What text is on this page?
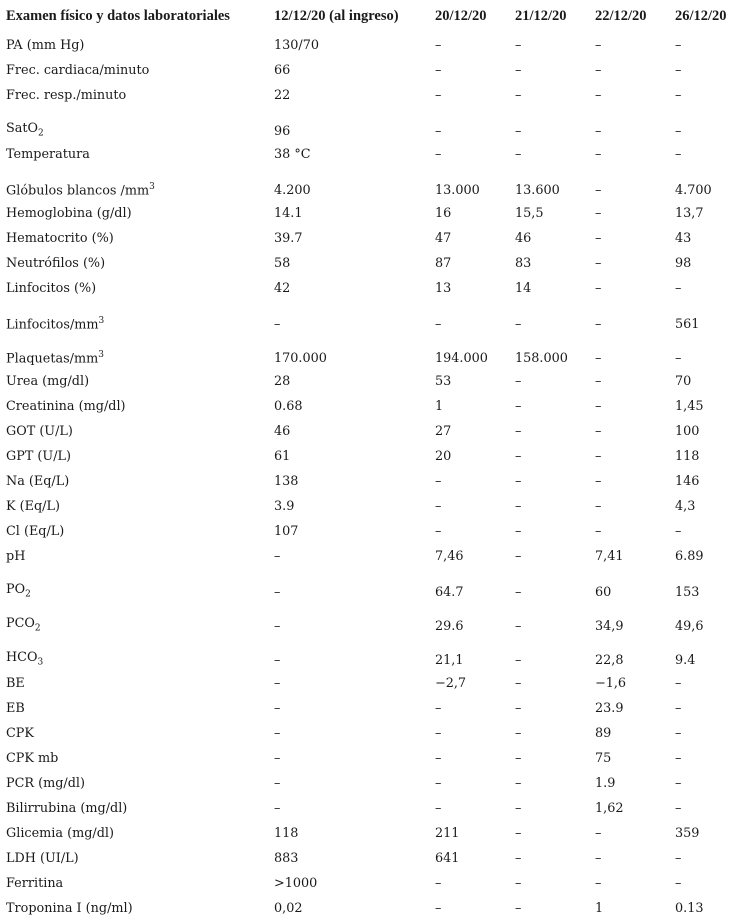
Examen físico y datos laboratoriales	12/12/20 (al ingreso)	20/12/20	21/12/20	22/12/20	26/12/20
PA (mm Hg)	130/70	–	–	–	–
Frec. cardiaca/minuto	66	–	–	–	–
Frec. resp./minuto	22	–	–	–	–
SatO$_2$	96	–	–	–	–
Temperatura	38 °C	–	–	–	–
Glóbulos blancos $/mm^3$	4.200	13.000	13.600	–	4.700
Hemoglobina (g/dl)	14.1	16	15,5	–	13,7
Hematocrito (%)	39.7	47	46	–	43
Neutrófilos (%)	58	87	83	–	98
Linfocitos (%)	42	13	14	–	–
Linfocitos/$mm^3$	–	–	–	–	561
Plaquetas/$mm^3$	170.000	194.000	158.000	–	–
Urea (mg/dl)	28	53	–	–	70
Creatinina (mg/dl)	0.68	1	–	–	1,45
GOT (U/L)	46	27	–	–	100
GPT (U/L)	61	20	–	–	118
Na (Eq/L)	138	–	–	–	146
K (Eq/L)	3.9	–	–	–	4,3
Cl (Eq/L)	107	–	–	–	–
pH	–	7,46	–	7,41	6.89
$PO_2$	–	64.7	–	60	153
$PCO_2$	–	29.6	–	34,9	49,6
$HCO_3$	–	21,1	–	22,8	9.4
BE	–	−2,7	–	−1,6	–
EB	–	–	–	23.9	–
CPK	–	–	–	89	–
CPK mb	–	–	–	75	–
PCR (mg/dl)	–	–	–	1.9	–
Bilirrubina (mg/dl)	–	–	–	1,62	–
Glicemia (mg/dl)	118	211	–	–	359
LDH (UI/L)	883	641	–	–	–
Ferritina	>1000	–	–	–	–
Troponina I (ng/ml)	0,02	–	–	1	0.13
